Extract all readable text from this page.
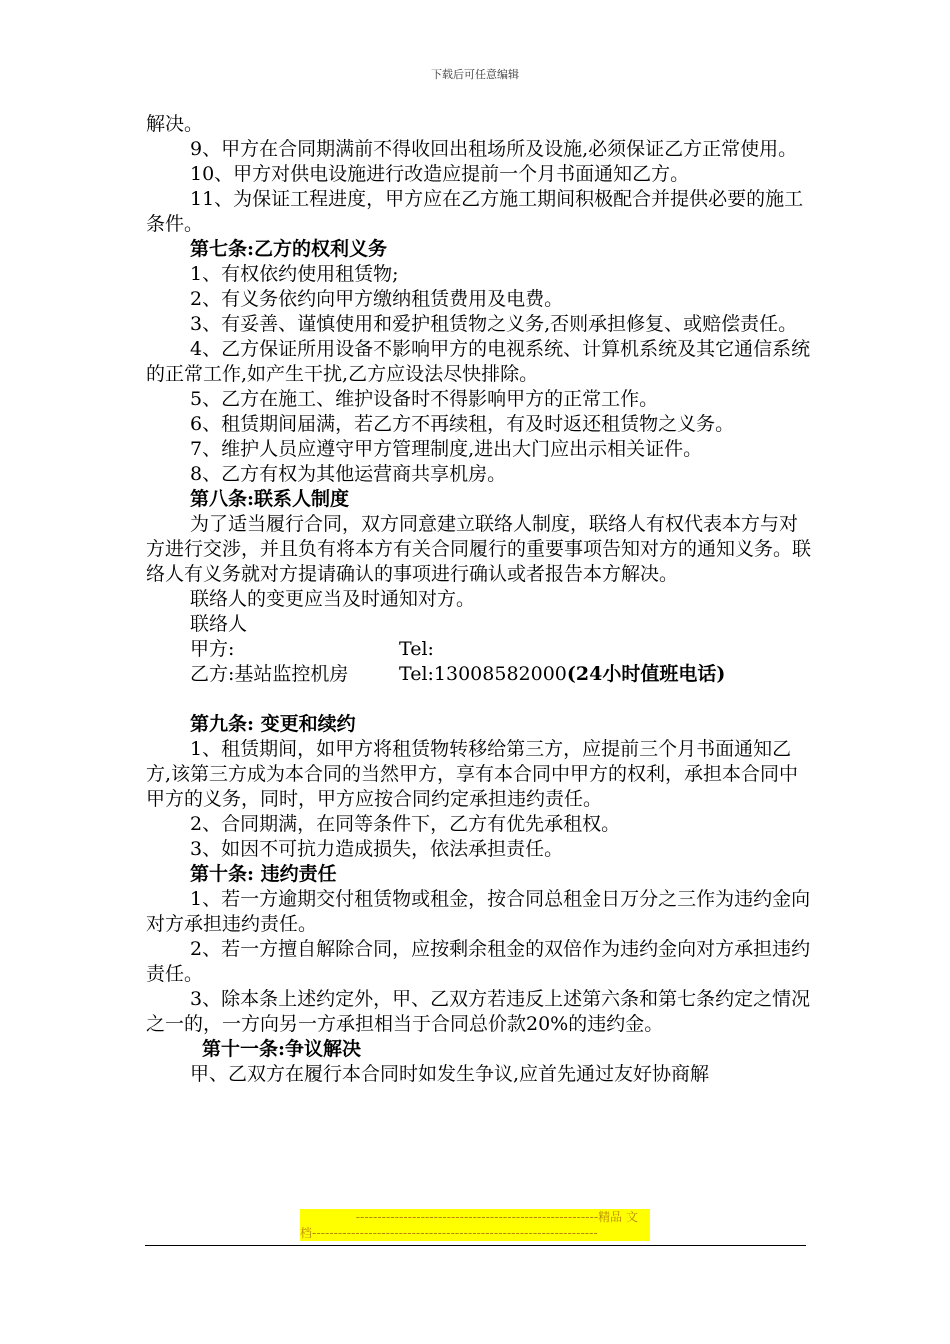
下载后可任意编辑

解决。

9、甲方在合同期满前不得收回出租场所及设施,必须保证乙方正常使用。

10、甲方对供电设施进行改造应提前一个月书面通知乙方。

11、为保证工程进度，甲方应在乙方施工期间积极配合并提供必要的施工条件。

第七条:乙方的权利义务

1、有权依约使用租赁物;

2、有义务依约向甲方缴纳租赁费用及电费。

3、有妥善、谨慎使用和爱护租赁物之义务,否则承担修复、或赔偿责任。

4、乙方保证所用设备不影响甲方的电视系统、计算机系统及其它通信系统的正常工作,如产生干扰,乙方应设法尽快排除。

5、乙方在施工、维护设备时不得影响甲方的正常工作。

6、租赁期间届满，若乙方不再续租，有及时返还租赁物之义务。

7、维护人员应遵守甲方管理制度,进出大门应出示相关证件。

8、乙方有权为其他运营商共享机房。

第八条:联系人制度

为了适当履行合同，双方同意建立联络人制度，联络人有权代表本方与对方进行交涉，并且负有将本方有关合同履行的重要事项告知对方的通知义务。联络人有义务就对方提请确认的事项进行确认或者报告本方解决。

联络人的变更应当及时通知对方。

联络人

甲方:	Tel:
乙方:基站监控机房	Tel:13008582000 (24小时值班电话)

第九条: 变更和续约

1、租赁期间，如甲方将租赁物转移给第三方，应提前三个月书面通知乙方,该第三方成为本合同的当然甲方，享有本合同中甲方的权利，承担本合同中甲方的义务，同时，甲方应按合同约定承担违约责任。

2、合同期满，在同等条件下，乙方有优先承租权。

3、如因不可抗力造成损失，依法承担责任。

第十条: 违约责任

1、若一方逾期交付租赁物或租金，按合同总租金日万分之三作为违约金向对方承担违约责任。

2、若一方擅自解除合同，应按剩余租金的双倍作为违约金向对方承担违约责任。

3、除本条上述约定外，甲、乙双方若违反上述第六条和第七条约定之情况之一的，一方向另一方承担相当于合同总价款20%的违约金。

第十一条:争议解决

甲、乙双方在履行本合同时如发生争议,应首先通过友好协商解

--------------------------------------------------------精品 文
档------------------------------------------------------------------
